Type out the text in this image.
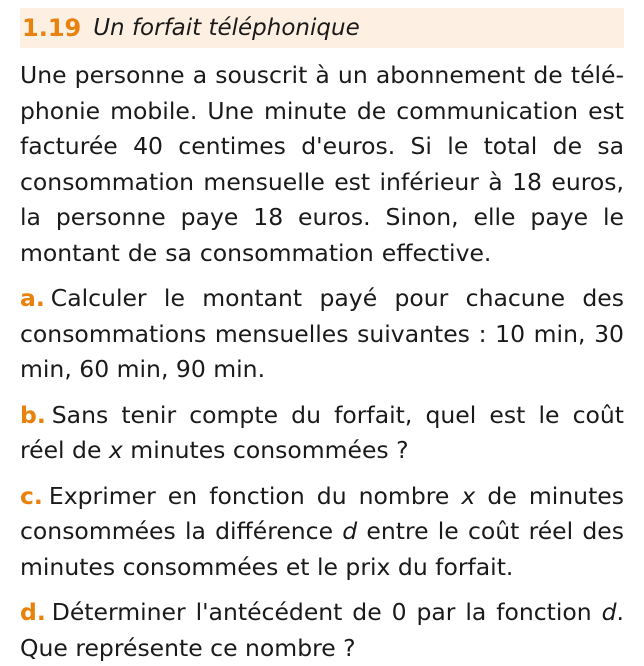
1.19 Un forfait téléphonique
Une personne a souscrit à un abonnement de téléphonie mobile. Une minute de communication est facturée 40 centimes d'euros. Si le total de sa consommation mensuelle est inférieur à 18 euros, la personne paye 18 euros. Sinon, elle paye le montant de sa consommation effective.
a. Calculer le montant payé pour chacune des consommations mensuelles suivantes : 10 min, 30 min, 60 min, 90 min.
b. Sans tenir compte du forfait, quel est le coût réel de x minutes consommées ?
c. Exprimer en fonction du nombre x de minutes consommées la différence d entre le coût réel des minutes consommées et le prix du forfait.
d. Déterminer l'antécédent de 0 par la fonction d. Que représente ce nombre ?
